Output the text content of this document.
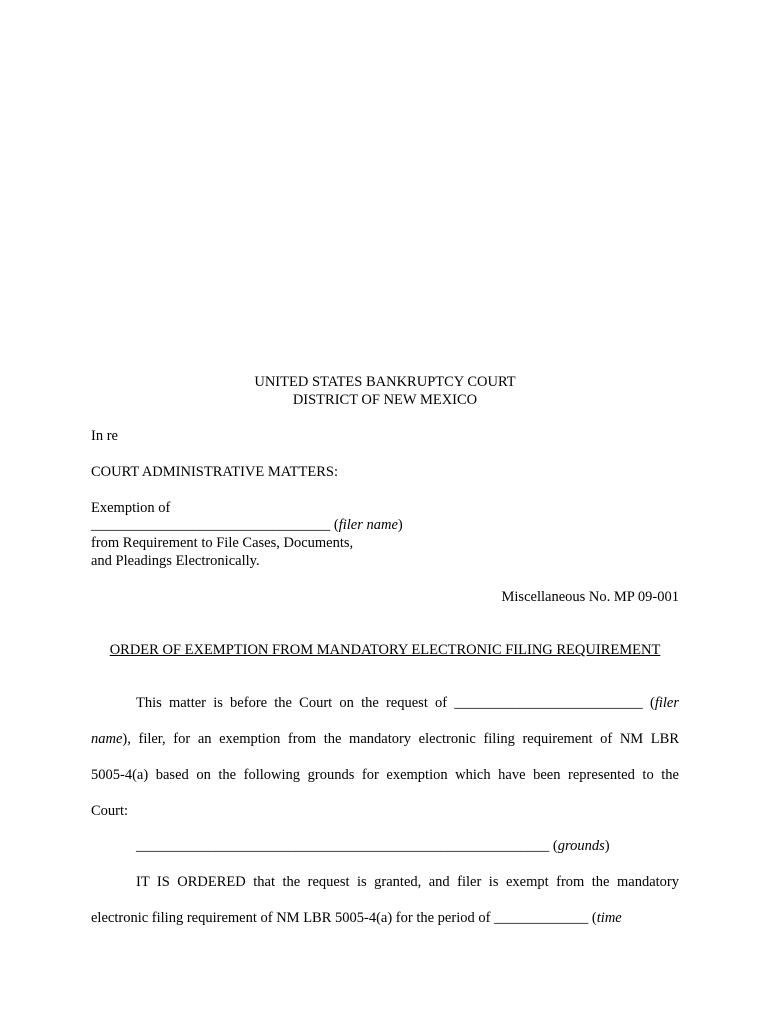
UNITED STATES BANKRUPTCY COURT
DISTRICT OF NEW MEXICO
In re
COURT ADMINISTRATIVE MATTERS:
Exemption of
_________________________________ (filer name)
from Requirement to File Cases, Documents,
and Pleadings Electronically.
Miscellaneous No. MP 09-001
ORDER OF EXEMPTION FROM MANDATORY ELECTRONIC FILING REQUIREMENT
This matter is before the Court on the request of __________________________ (filer
name), filer, for an exemption from the mandatory electronic filing requirement of NM LBR
5005-4(a) based on the following grounds for exemption which have been represented to the
Court:
_________________________________________________________ (grounds)
IT IS ORDERED that the request is granted, and filer is exempt from the mandatory
electronic filing requirement of NM LBR 5005-4(a) for the period of _____________ (time
